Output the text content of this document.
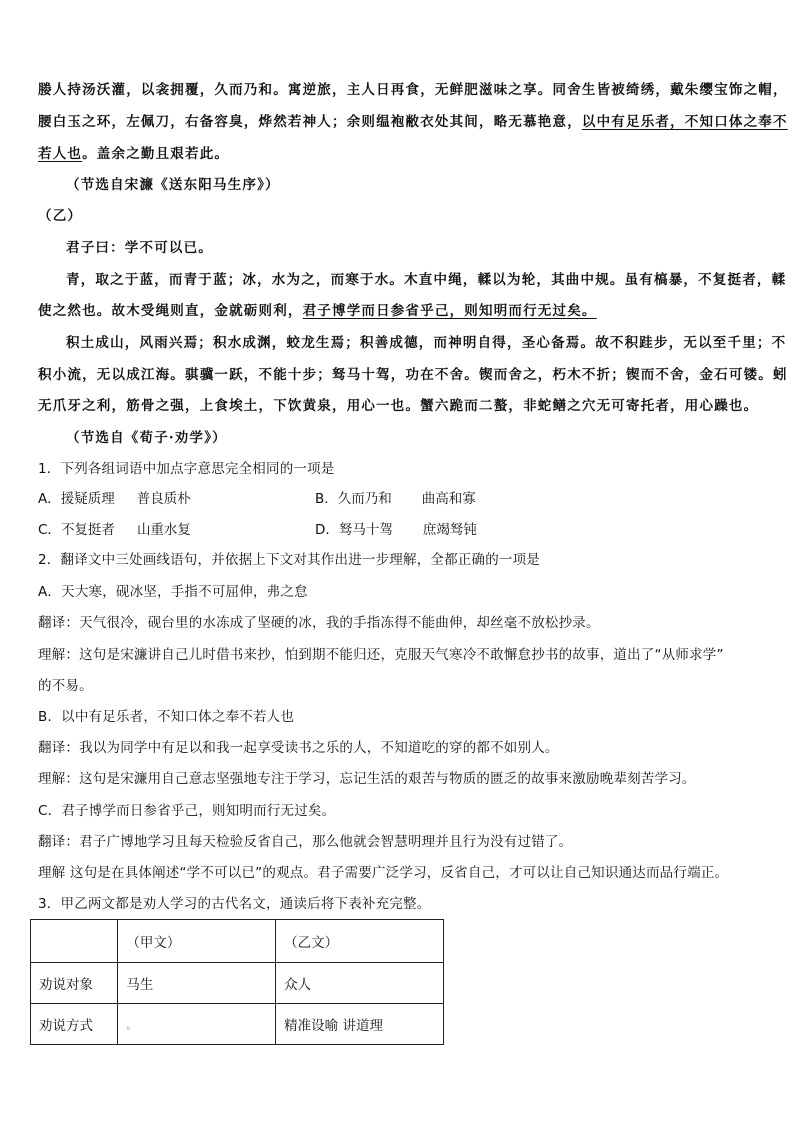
媵人持汤沃灌，以衾拥覆，久而乃和。寓逆旅，主人日再食，无鲜肥滋味之享。同舍生皆被绮绣，戴朱缨宝饰之帽，
腰白玉之环，左佩刀，右备容臭，烨然若神人；余则缊袍敝衣处其间，略无慕艳意，以中有足乐者，不知口体之奉不
若人也。盖余之勤且艰若此。
（节选自宋濂《送东阳马生序》）
（乙）
君子曰：学不可以已。
青，取之于蓝，而青于蓝；冰，水为之，而寒于水。木直中绳，輮以为轮，其曲中规。虽有槁暴，不复挺者，輮
使之然也。故木受绳则直，金就砺则利，君子博学而日参省乎己，则知明而行无过矣。
积土成山，风雨兴焉；积水成渊，蛟龙生焉；积善成德，而神明自得，圣心备焉。故不积跬步，无以至千里；不
积小流，无以成江海。骐骥一跃，不能十步；驽马十驾，功在不舍。锲而舍之，朽木不折；锲而不舍，金石可镂。蚓
无爪牙之利，筋骨之强，上食埃土，下饮黄泉，用心一也。蟹六跪而二螯，非蛇鳝之穴无可寄托者，用心躁也。
（节选自《荀子·劝学》）
1．下列各组词语中加点字意思完全相同的一项是
A．援疑质理 普良质朴	B．久而乃和 曲高和寡
C．不复挺者 山重水复	D．驽马十驾 庶竭驽钝
2．翻译文中三处画线语句，并依据上下文对其作出进一步理解，全都正确的一项是
A．天大寒，砚冰坚，手指不可屈伸，弗之怠
翻译：天气很冷，砚台里的水冻成了坚硬的冰，我的手指冻得不能曲伸，却丝毫不放松抄录。
理解：这句是宋濂讲自己儿时借书来抄，怕到期不能归还，克服天气寒冷不敢懈怠抄书的故事，道出了“从师求学”
的不易。
B．以中有足乐者，不知口体之奉不若人也
翻译：我以为同学中有足以和我一起享受读书之乐的人，不知道吃的穿的都不如别人。
理解：这句是宋濂用自己意志坚强地专注于学习，忘记生活的艰苦与物质的匮乏的故事来激励晚辈刻苦学习。
C．君子博学而日参省乎己，则知明而行无过矣。
翻译：君子广博地学习且每天检验反省自己，那么他就会智慧明理并且行为没有过错了。
理解 这句是在具体阐述“学不可以已”的观点。君子需要广泛学习，反省自己，才可以让自己知识通达而品行端正。
3．甲乙两文都是劝人学习的古代名文，通读后将下表补充完整。
	（甲文）	（乙文）
劝说对象	马生	众人
劝说方式	。	精准设喻 讲道理
